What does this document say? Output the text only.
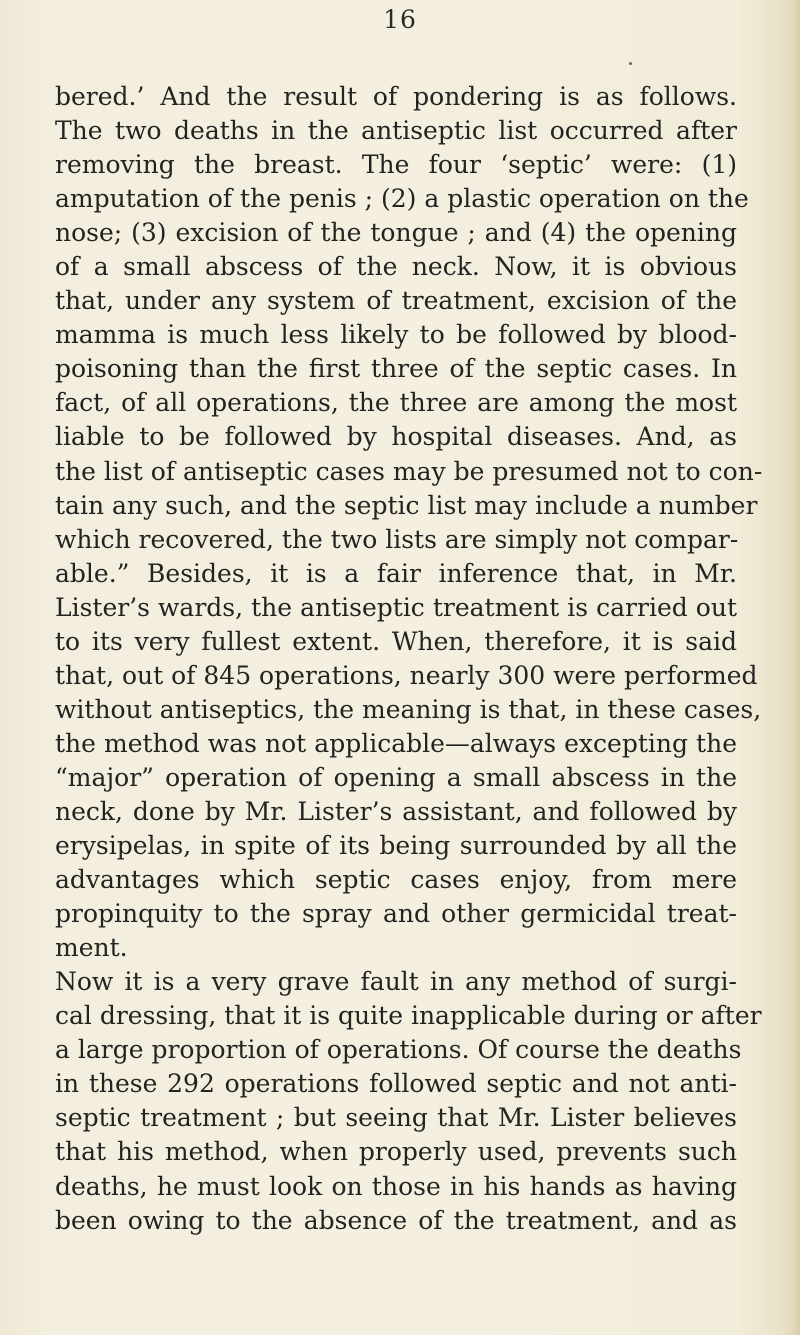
16
bered.’ And the result of pondering is as follows.
The two deaths in the antiseptic list occurred after
removing the breast. The four ‘septic’ were: (1)
amputation of the penis ; (2) a plastic operation on the
nose; (3) excision of the tongue ; and (4) the opening
of a small abscess of the neck. Now, it is obvious
that, under any system of treatment, excision of the
mamma is much less likely to be followed by blood-
poisoning than the first three of the septic cases. In
fact, of all operations, the three are among the most
liable to be followed by hospital diseases. And, as
the list of antiseptic cases may be presumed not to con-
tain any such, and the septic list may include a number
which recovered, the two lists are simply not compar-
able.” Besides, it is a fair inference that, in Mr.
Lister’s wards, the antiseptic treatment is carried out
to its very fullest extent. When, therefore, it is said
that, out of 845 operations, nearly 300 were performed
without antiseptics, the meaning is that, in these cases,
the method was not applicable—always excepting the
“major” operation of opening a small abscess in the
neck, done by Mr. Lister’s assistant, and followed by
erysipelas, in spite of its being surrounded by all the
advantages which septic cases enjoy, from mere
propinquity to the spray and other germicidal treat-
ment.
Now it is a very grave fault in any method of surgi-
cal dressing, that it is quite inapplicable during or after
a large proportion of operations. Of course the deaths
in these 292 operations followed septic and not anti-
septic treatment ; but seeing that Mr. Lister believes
that his method, when properly used, prevents such
deaths, he must look on those in his hands as having
been owing to the absence of the treatment, and as
